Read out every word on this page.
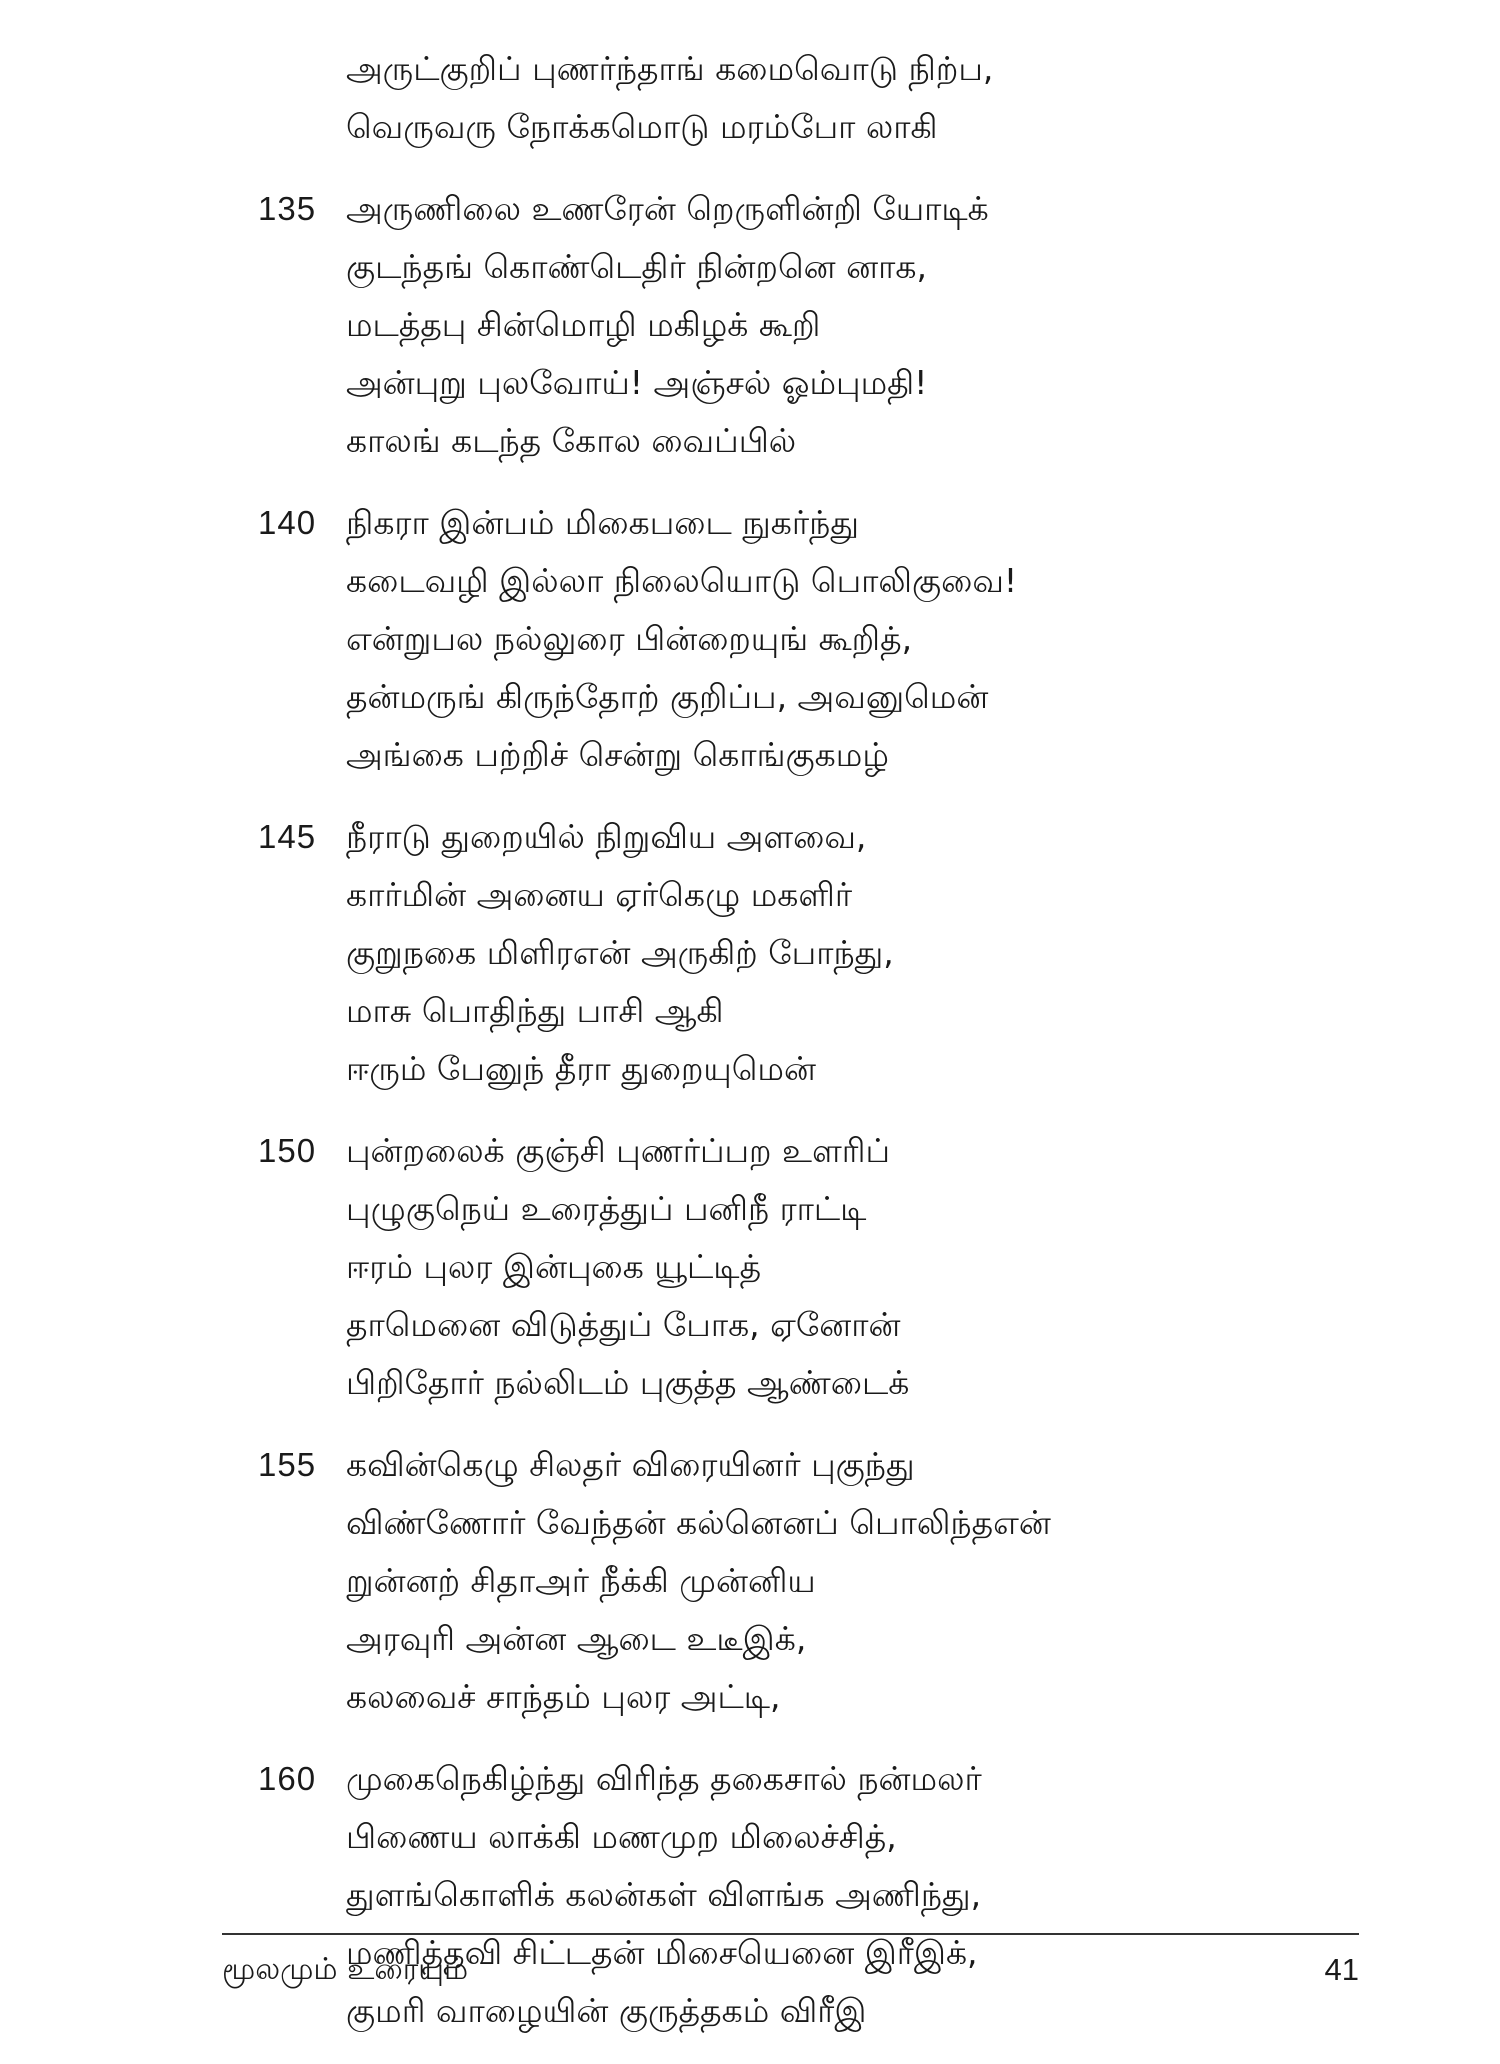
அருட்குறிப் புணர்ந்தாங் கமைவொடு நிற்ப,
வெருவரு நோக்கமொடு மரம்போ லாகி
135 அருணிலை உணரேன் றெருளின்றி யோடிக்
குடந்தங் கொண்டெதிர் நின்றனெ னாக,
மடத்தபு சின்மொழி மகிழக் கூறி
அன்புறு புலவோய்! அஞ்சல் ஓம்புமதி!
காலங் கடந்த கோல வைப்பில்
140 நிகரா இன்பம் மிகைபடை நுகர்ந்து
கடைவழி இல்லா நிலையொடு பொலிகுவை!
என்றுபல நல்லுரை பின்றையுங் கூறித்,
தன்மருங் கிருந்தோற் குறிப்ப, அவனுமென்
அங்கை பற்றிச் சென்று கொங்குகமழ்
145 நீராடு துறையில் நிறுவிய அளவை,
கார்மின் அனைய ஏர்கெழு மகளிர்
குறுநகை மிளிரஎன் அருகிற் போந்து,
மாசு பொதிந்து பாசி ஆகி
ஈரும் பேனுந் தீரா துறையுமென்
150 புன்றலைக் குஞ்சி புணர்ப்பற உளரிப்
புழுகுநெய் உரைத்துப் பனிநீ ராட்டி
ஈரம் புலர இன்புகை யூட்டித்
தாமெனை விடுத்துப் போக, ஏனோன்
பிறிதோர் நல்லிடம் புகுத்த ஆண்டைக்
155 கவின்கெழு சிலதர் விரையினர் புகுந்து
விண்ணோர் வேந்தன் கல்னெனப் பொலிந்தஎன்
றுன்னற் சிதாஅர் நீக்கி முன்னிய
அரவுரி அன்ன ஆடை உடீஇக்,
கலவைச் சாந்தம் புலர அட்டி,
160 முகைநெகிழ்ந்து விரிந்த தகைசால் நன்மலர்
பிணைய லாக்கி மணமுற மிலைச்சித்,
துளங்கொளிக் கலன்கள் விளங்க அணிந்து,
மணித்தவி சிட்டதன் மிசையெனை இரீஇக்,
குமரி வாழையின் குருத்தகம் விரீஇ
மூலமும் உரையும்	41
